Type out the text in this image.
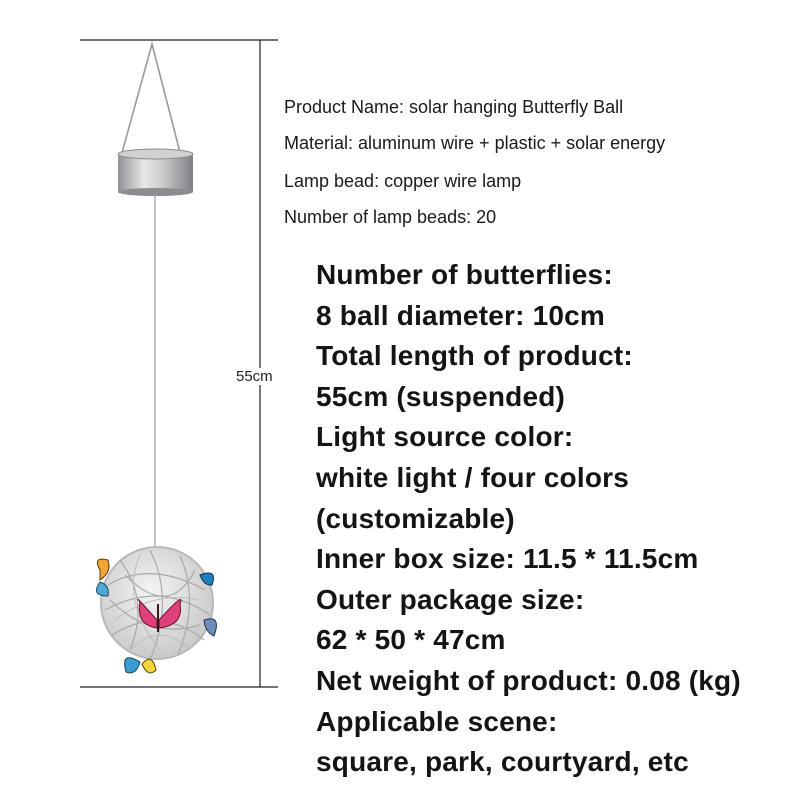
55cm
Product Name: solar hanging Butterfly Ball
Material: aluminum wire + plastic + solar energy
Lamp bead: copper wire lamp
Number of lamp beads: 20
Number of butterflies:
8 ball diameter: 10cm
Total length of product:
55cm (suspended)
Light source color:
white light / four colors
(customizable)
Inner box size: 11.5 * 11.5cm
Outer package size:
62 * 50 * 47cm
Net weight of product: 0.08 (kg)
Applicable scene:
square, park, courtyard, etc
